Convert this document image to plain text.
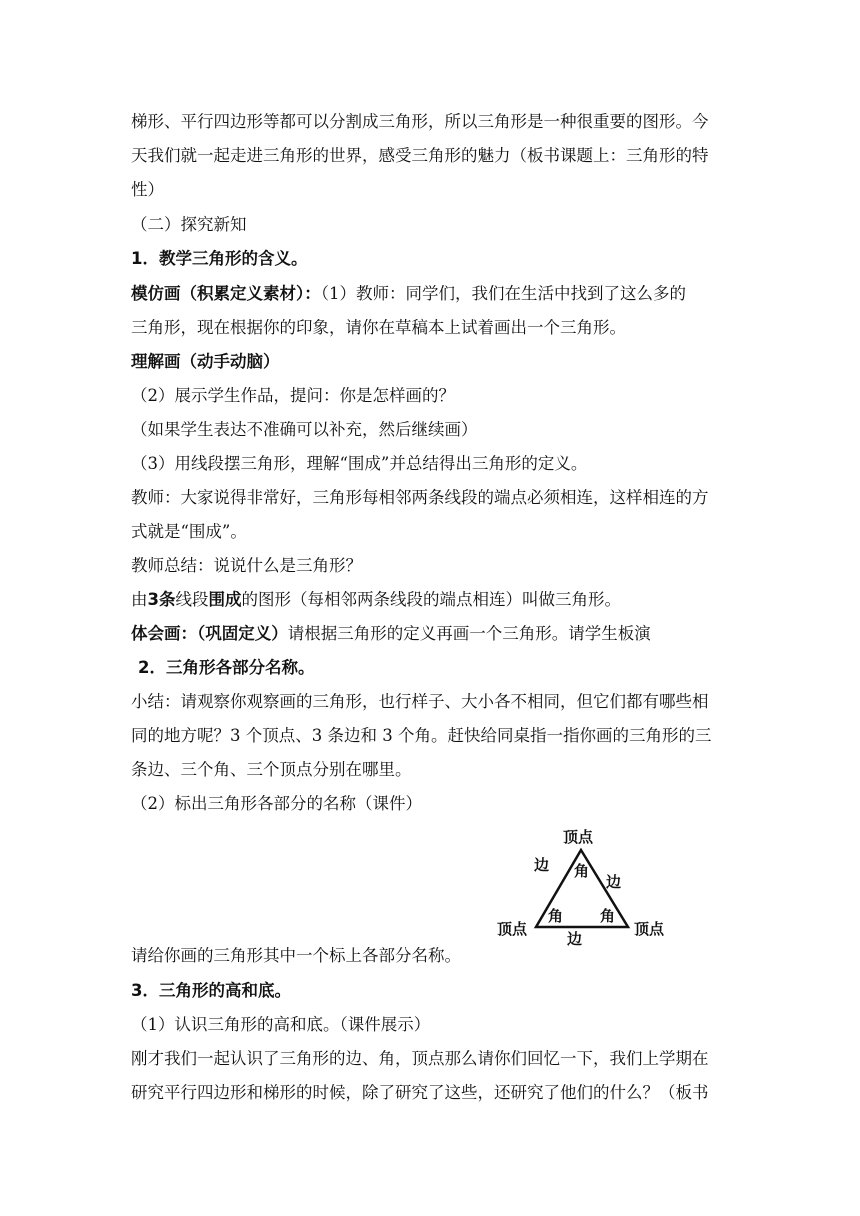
梯形、平行四边形等都可以分割成三角形，所以三角形是一种很重要的图形。今
天我们就一起走进三角形的世界，感受三角形的魅力（板书课题上：三角形的特
性）
（二）探究新知
1．教学三角形的含义。
模仿画（积累定义素材）：（1）教师：同学们，我们在生活中找到了这么多的
三角形，现在根据你的印象，请你在草稿本上试着画出一个三角形。
理解画（动手动脑）
（2）展示学生作品，提问：你是怎样画的？
（如果学生表达不准确可以补充，然后继续画）
（3）用线段摆三角形，理解“围成”并总结得出三角形的定义。
教师：大家说得非常好，三角形每相邻两条线段的端点必须相连，这样相连的方
式就是“围成”。
教师总结：说说什么是三角形？
由3条线段围成的图形（每相邻两条线段的端点相连）叫做三角形。
体会画：（巩固定义）请根据三角形的定义再画一个三角形。请学生板演
2．三角形各部分名称。
小结：请观察你观察画的三角形，也行样子、大小各不相同，但它们都有哪些相
同的地方呢？3 个顶点、3 条边和 3 个角。赶快给同桌指一指你画的三角形的三
条边、三个角、三个顶点分别在哪里。
（2）标出三角形各部分的名称（课件）
顶点
边
边
角
角 角
顶点	顶点
边
请给你画的三角形其中一个标上各部分名称。
3．三角形的高和底。
（1）认识三角形的高和底。（课件展示）
刚才我们一起认识了三角形的边、角，顶点那么请你们回忆一下，我们上学期在
研究平行四边形和梯形的时候，除了研究了这些，还研究了他们的什么？（板书
